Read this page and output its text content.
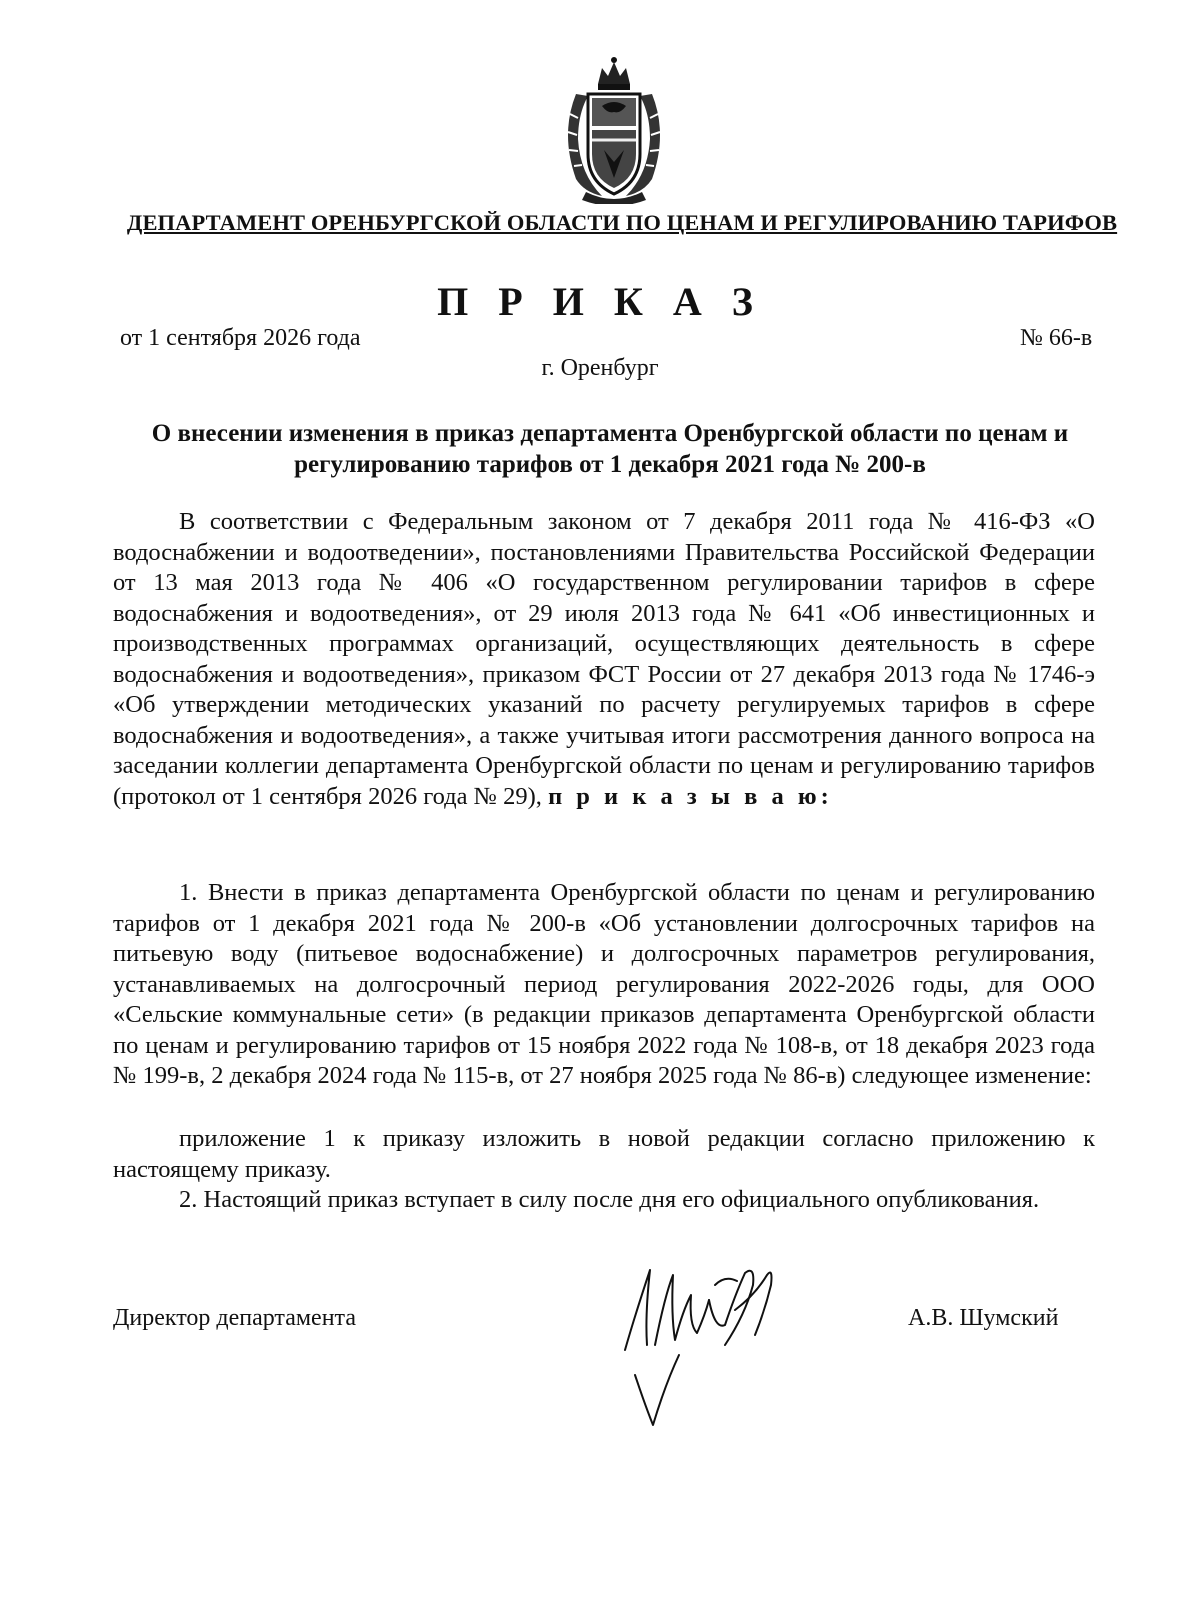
ДЕПАРТАМЕНТ ОРЕНБУРГСКОЙ ОБЛАСТИ ПО ЦЕНАМ И РЕГУЛИРОВАНИЮ ТАРИФОВ
П Р И К А З
от 1 сентября 2026 года	№ 66-в
г. Оренбург
О внесении изменения в приказ департамента Оренбургской области по ценам и регулированию тарифов от 1 декабря 2021 года № 200-в

В соответствии с Федеральным законом от 7 декабря 2011 года № 416-ФЗ «О водоснабжении и водоотведении», постановлениями Правительства Российской Федерации от 13 мая 2013 года № 406 «О государственном регулировании тарифов в сфере водоснабжения и водоотведения», от 29 июля 2013 года № 641 «Об инвестиционных и производственных программах организаций, осуществляющих деятельность в сфере водоснабжения и водоотведения», приказом ФСТ России от 27 декабря 2013 года № 1746-э «Об утверждении методических указаний по расчету регулируемых тарифов в сфере водоснабжения и водоотведения», а также учитывая итоги рассмотрения данного вопроса на заседании коллегии департамента Оренбургской области по ценам и регулированию тарифов (протокол от 1 сентября 2026 года № 29), п р и к а з ы в а ю:

1. Внести в приказ департамента Оренбургской области по ценам и регулированию тарифов от 1 декабря 2021 года № 200-в «Об установлении долгосрочных тарифов на питьевую воду (питьевое водоснабжение) и долгосрочных параметров регулирования, устанавливаемых на долгосрочный период регулирования 2022-2026 годы, для ООО «Сельские коммунальные сети» (в редакции приказов департамента Оренбургской области по ценам и регулированию тарифов от 15 ноября 2022 года № 108-в, от 18 декабря 2023 года № 199-в, 2 декабря 2024 года № 115-в, от 27 ноября 2025 года № 86-в) следующее изменение:

приложение 1 к приказу изложить в новой редакции согласно приложению к настоящему приказу.

2. Настоящий приказ вступает в силу после дня его официального опубликования.

Директор департамента	А.В. Шумский
